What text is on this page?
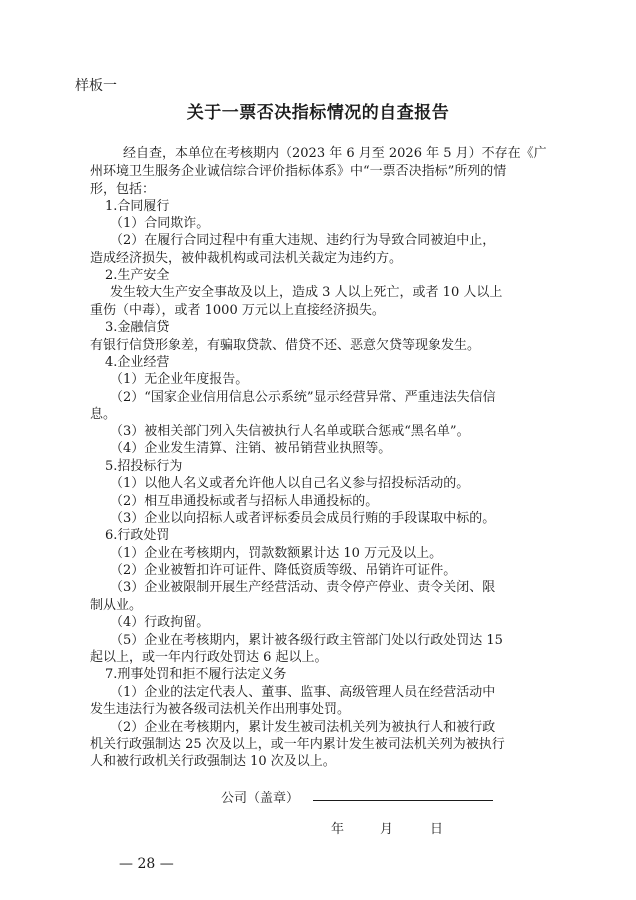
样板一
关于一票否决指标情况的自查报告
经自查，本单位在考核期内（2023 年 6 月至 2026 年 5 月）不存在《广
州环境卫生服务企业诚信综合评价指标体系》中“一票否决指标”所列的情
形，包括：
1.合同履行
（1）合同欺诈。
（2）在履行合同过程中有重大违规、违约行为导致合同被迫中止，
造成经济损失，被仲裁机构或司法机关裁定为违约方。
2.生产安全
发生较大生产安全事故及以上，造成 3 人以上死亡，或者 10 人以上
重伤（中毒），或者 1000 万元以上直接经济损失。
3.金融信贷
有银行信贷形象差，有骗取贷款、借贷不还、恶意欠贷等现象发生。
4.企业经营
（1）无企业年度报告。
（2）“国家企业信用信息公示系统”显示经营异常、严重违法失信信
息。
（3）被相关部门列入失信被执行人名单或联合惩戒“黑名单”。
（4）企业发生清算、注销、被吊销营业执照等。
5.招投标行为
（1）以他人名义或者允许他人以自己名义参与招投标活动的。
（2）相互串通投标或者与招标人串通投标的。
（3）企业以向招标人或者评标委员会成员行贿的手段谋取中标的。
6.行政处罚
（1）企业在考核期内，罚款数额累计达 10 万元及以上。
（2）企业被暂扣许可证件、降低资质等级、吊销许可证件。
（3）企业被限制开展生产经营活动、责令停产停业、责令关闭、限
制从业。
（4）行政拘留。
（5）企业在考核期内，累计被各级行政主管部门处以行政处罚达 15
起以上，或一年内行政处罚达 6 起以上。
7.刑事处罚和拒不履行法定义务
（1）企业的法定代表人、董事、监事、高级管理人员在经营活动中
发生违法行为被各级司法机关作出刑事处罚。
（2）企业在考核期内，累计发生被司法机关列为被执行人和被行政
机关行政强制达 25 次及以上，或一年内累计发生被司法机关列为被执行
人和被行政机关行政强制达 10 次及以上。
公司（盖章）
年	月	日
— 28 —
